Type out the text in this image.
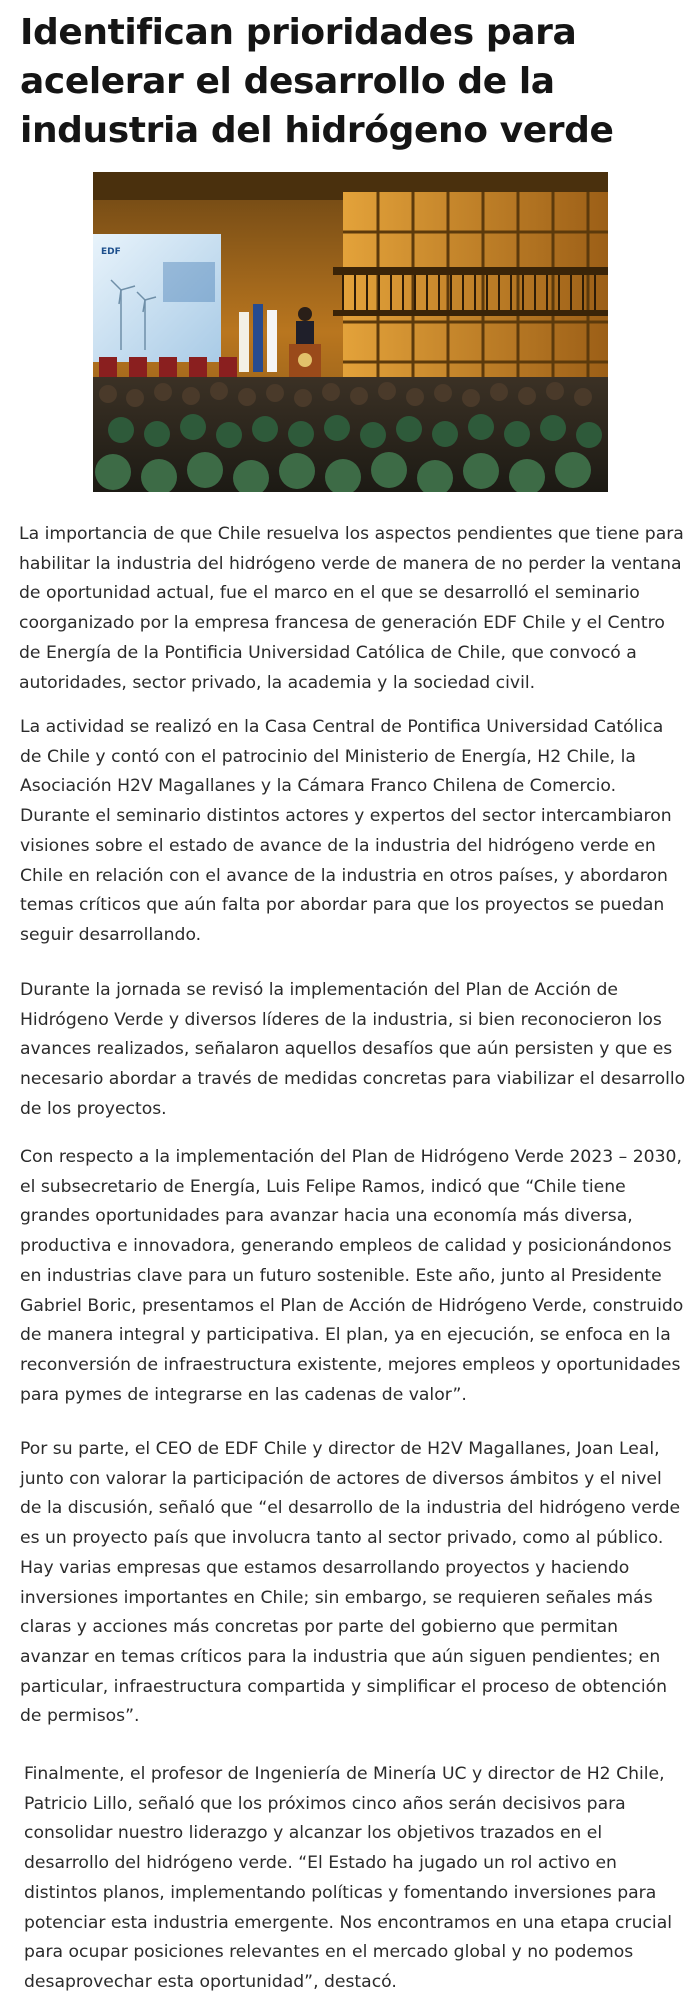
Identifican prioridades para acelerar el desarrollo de la industria del hidrógeno verde
EDF

La importancia de que Chile resuelva los aspectos pendientes que tiene para habilitar la industria del hidrógeno verde de manera de no perder la ventana de oportunidad actual, fue el marco en el que se desarrolló el seminario coorganizado por la empresa francesa de generación EDF Chile y el Centro de Energía de la Pontificia Universidad Católica de Chile, que convocó a autoridades, sector privado, la academia y la sociedad civil.

La actividad se realizó en la Casa Central de Pontifica Universidad Católica de Chile y contó con el patrocinio del Ministerio de Energía, H2 Chile, la Asociación H2V Magallanes y la Cámara Franco Chilena de Comercio. Durante el seminario distintos actores y expertos del sector intercambiaron visiones sobre el estado de avance de la industria del hidrógeno verde en Chile en relación con el avance de la industria en otros países, y abordaron temas críticos que aún falta por abordar para que los proyectos se puedan seguir desarrollando.

Durante la jornada se revisó la implementación del Plan de Acción de Hidrógeno Verde y diversos líderes de la industria, si bien reconocieron los avances realizados, señalaron aquellos desafíos que aún persisten y que es necesario abordar a través de medidas concretas para viabilizar el desarrollo de los proyectos.

Con respecto a la implementación del Plan de Hidrógeno Verde 2023 – 2030, el subsecretario de Energía, Luis Felipe Ramos, indicó que “Chile tiene grandes oportunidades para avanzar hacia una economía más diversa, productiva e innovadora, generando empleos de calidad y posicionándonos en industrias clave para un futuro sostenible. Este año, junto al Presidente Gabriel Boric, presentamos el Plan de Acción de Hidrógeno Verde, construido de manera integral y participativa. El plan, ya en ejecución, se enfoca en la reconversión de infraestructura existente, mejores empleos y oportunidades para pymes de integrarse en las cadenas de valor”.

Por su parte, el CEO de EDF Chile y director de H2V Magallanes, Joan Leal, junto con valorar la participación de actores de diversos ámbitos y el nivel de la discusión, señaló que “el desarrollo de la industria del hidrógeno verde es un proyecto país que involucra tanto al sector privado, como al público. Hay varias empresas que estamos desarrollando proyectos y haciendo inversiones importantes en Chile; sin embargo, se requieren señales más claras y acciones más concretas por parte del gobierno que permitan avanzar en temas críticos para la industria que aún siguen pendientes; en particular, infraestructura compartida y simplificar el proceso de obtención de permisos”.

Finalmente, el profesor de Ingeniería de Minería UC y director de H2 Chile, Patricio Lillo, señaló que los próximos cinco años serán decisivos para consolidar nuestro liderazgo y alcanzar los objetivos trazados en el desarrollo del hidrógeno verde. “El Estado ha jugado un rol activo en distintos planos, implementando políticas y fomentando inversiones para potenciar esta industria emergente. Nos encontramos en una etapa crucial para ocupar posiciones relevantes en el mercado global y no podemos desaprovechar esta oportunidad”, destacó.
